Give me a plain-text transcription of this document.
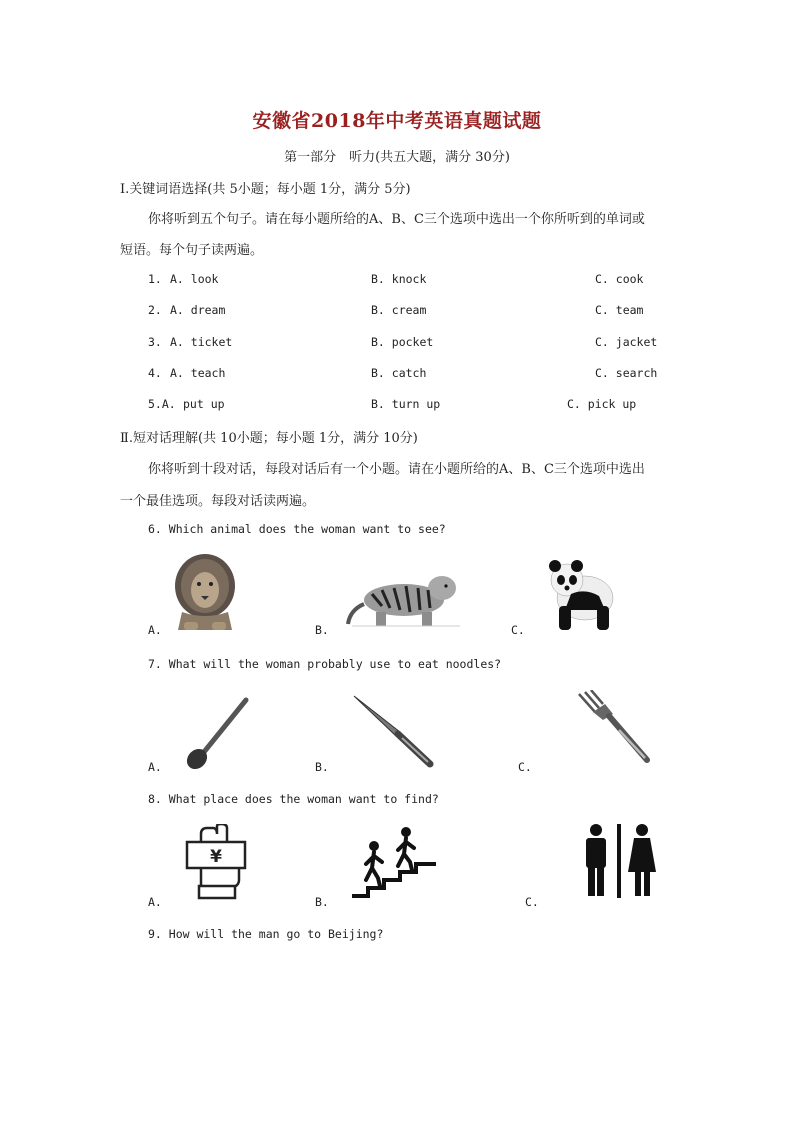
安徽省2018年中考英语真题试题
第一部分　听力(共五大题，满分 30分)
Ⅰ.关键词语选择(共 5小题；每小题 1分，满分 5分)
你将听到五个句子。请在每小题所给的A、B、C三个选项中选出一个你所听到的单词或
短语。每个句子读两遍。
1. A. look	B. knock	C. cook
2. A. dream	B. cream	C. team
3. A. ticket	B. pocket	C. jacket
4. A. teach	B. catch	C. search
5.A. put up	B. turn up	C. pick up
Ⅱ.短对话理解(共 10小题；每小题 1分，满分 10分)
你将听到十段对话，每段对话后有一个小题。请在小题所给的A、B、C三个选项中选出
一个最佳选项。每段对话读两遍。
6. Which animal does the woman want to see?
A.	B.	C.
7. What will the woman probably use to eat noodles?
A.	B.	C.
8. What place does the woman want to find?
A.	B.	C.
¥
9. How will the man go to Beijing?
